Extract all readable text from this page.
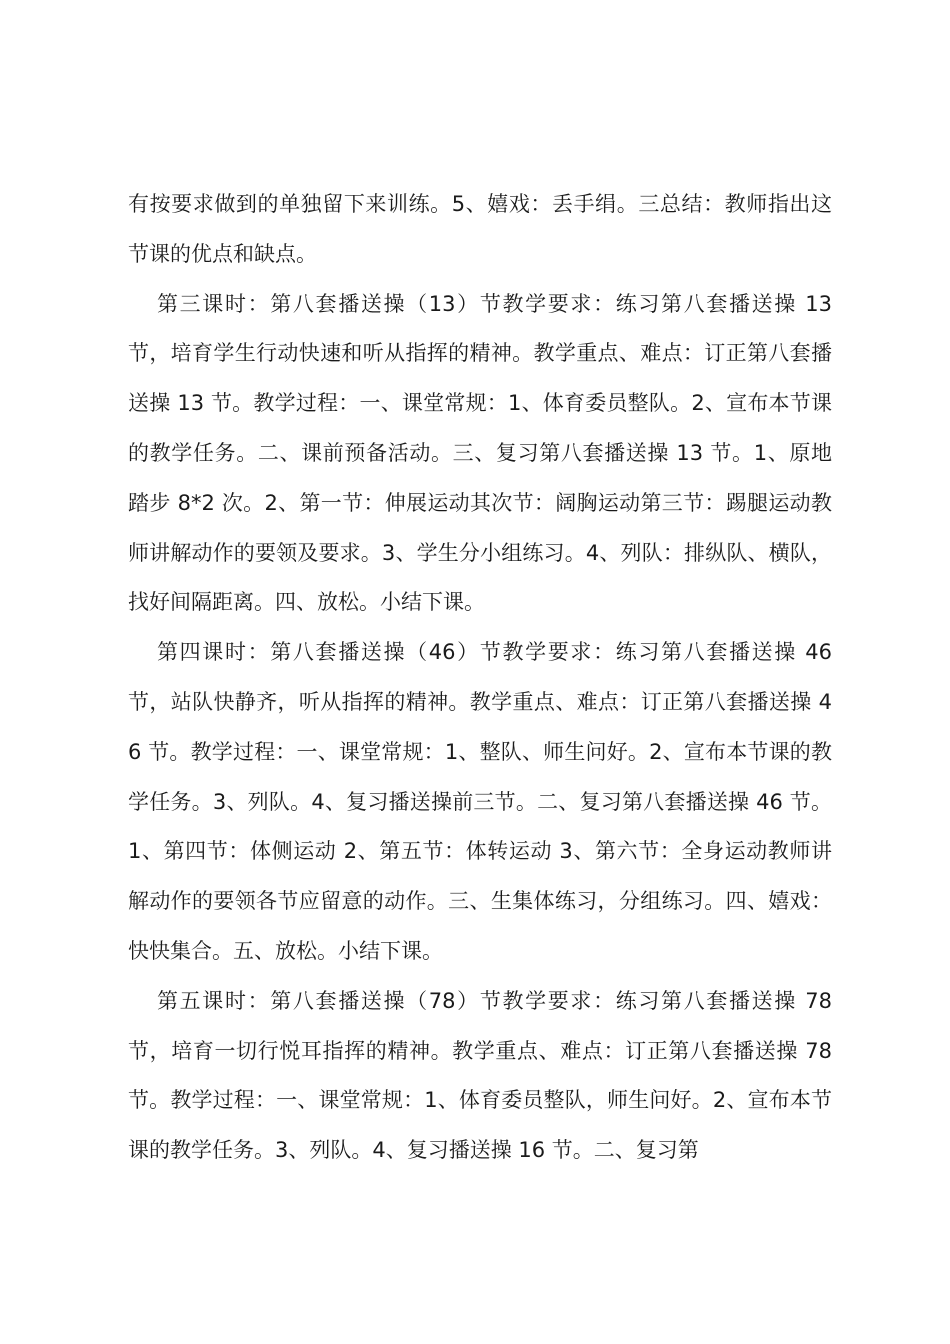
有按要求做到的单独留下来训练。5、嬉戏：丢手绢。三总结：教师指出这节课的优点和缺点。

第三课时：第八套播送操（13）节教学要求：练习第八套播送操 13 节，培育学生行动快速和听从指挥的精神。教学重点、难点：订正第八套播送操 13 节。教学过程：一、课堂常规：1、体育委员整队。2、宣布本节课的教学任务。二、课前预备活动。三、复习第八套播送操 13 节。1、原地踏步 8*2 次。2、第一节：伸展运动其次节：阔胸运动第三节：踢腿运动教师讲解动作的要领及要求。3、学生分小组练习。4、列队：排纵队、横队，找好间隔距离。四、放松。小结下课。

第四课时：第八套播送操（46）节教学要求：练习第八套播送操 46 节，站队快静齐，听从指挥的精神。教学重点、难点：订正第八套播送操 46 节。教学过程：一、课堂常规：1、整队、师生问好。2、宣布本节课的教学任务。3、列队。4、复习播送操前三节。二、复习第八套播送操 46 节。1、第四节：体侧运动 2、第五节：体转运动 3、第六节：全身运动教师讲解动作的要领各节应留意的动作。三、生集体练习，分组练习。四、嬉戏：快快集合。五、放松。小结下课。

第五课时：第八套播送操（78）节教学要求：练习第八套播送操 78 节，培育一切行悦耳指挥的精神。教学重点、难点：订正第八套播送操 78 节。教学过程：一、课堂常规：1、体育委员整队，师生问好。2、宣布本节课的教学任务。3、列队。4、复习播送操 16 节。二、复习第
